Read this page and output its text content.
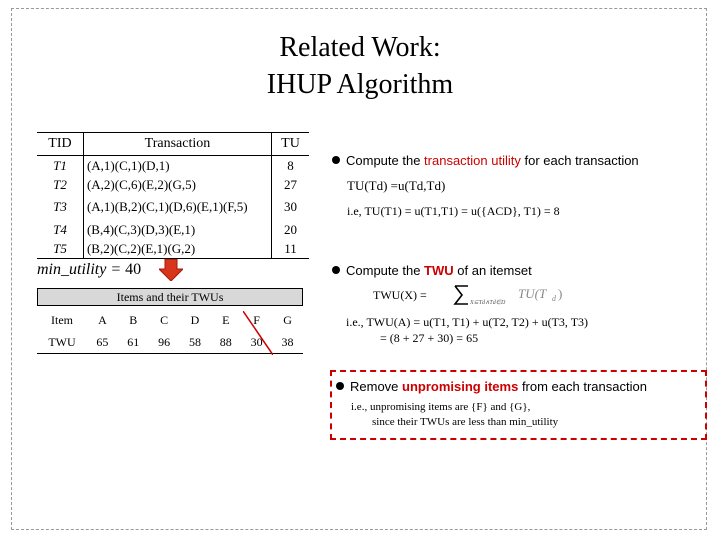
Related Work:
IHUP Algorithm
TID	Transaction	TU
T1	(A,1)(C,1)(D,1)	8
T2	(A,2)(C,6)(E,2)(G,5)	27
T3	(A,1)(B,2)(C,1)(D,6)(E,1)(F,5)	30
T4	(B,4)(C,3)(D,3)(E,1)	20
T5	(B,2)(C,2)(E,1)(G,2)	11
min_utility = 40
Items and their TWUs
Item	A	B	C	D	E	F	G
TWU	65	61	96	58	88	30	38
Compute the transaction utility for each transaction
TU(Td) =u(Td,Td)
i.e, TU(T1) = u(T1,T1) = u({ACD}, T1) = 8
Compute the TWU of an itemset
TWU(X) =
X⊆Td∧Td∈D
TU(T d )
i.e., TWU(A) = u(T1, T1) + u(T2, T2) + u(T3, T3)
= (8 + 27 + 30) = 65
Remove unpromising items from each transaction
i.e., unpromising items are {F} and {G},
since their TWUs are less than min_utility
